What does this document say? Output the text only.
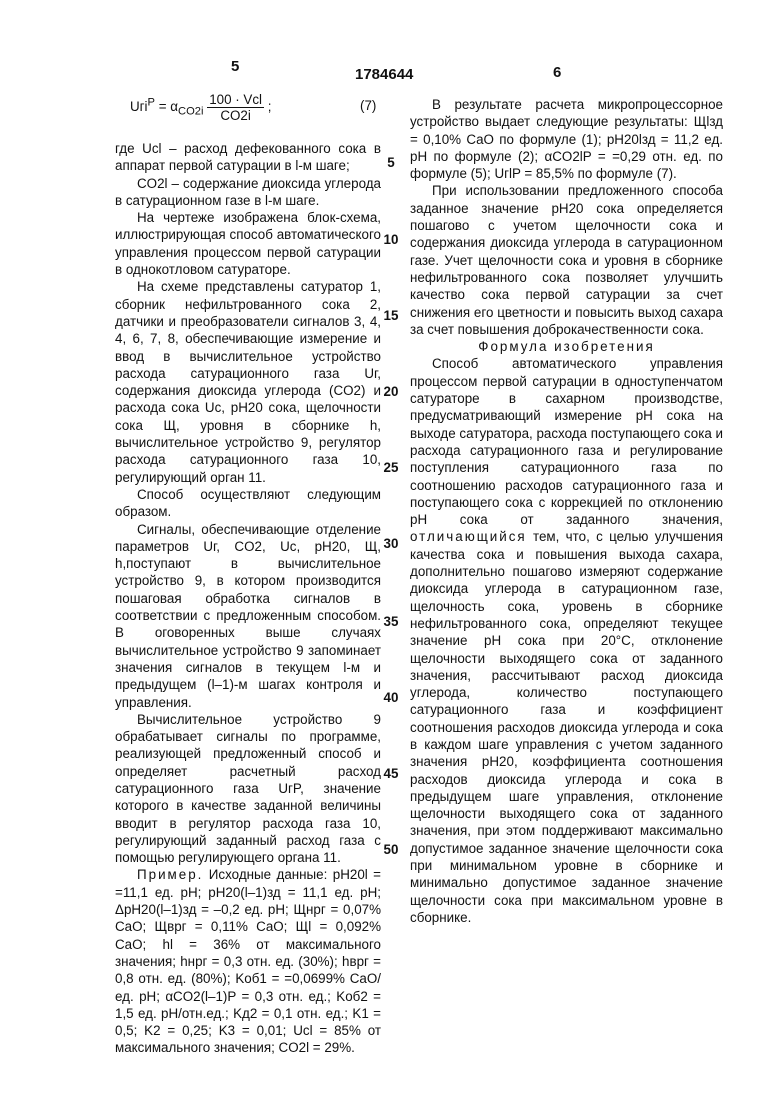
5	1784644	6
$Uгi^P = \alpha_{CO2i} \frac{\text{100 · Vсl}}{CO2i}$ ;	(7)

где Uсl – расход дефекованного сока в аппарат первой сатурации в l-м шаге;

CO2l – содержание диоксида углерода в сатурационном газе в l-м шаге.

На чертеже изображена блок-схема, иллюстрирующая способ автоматического управления процессом первой сатурации в однокотловом сатураторе.

На схеме представлены сатуратор 1, сборник нефильтрованного сока 2, датчики и преобразователи сигналов 3, 4, 4, 6, 7, 8, обеспечивающие измерение и ввод в вычислительное устройство расхода сатурационного газа Uг, содержания диоксида углерода (CO2) и расхода сока Uс, pH20 сока, щелочности сока Щ, уровня в сборнике h, вычислительное устройство 9, регулятор расхода сатурационного газа 10, регулирующий орган 11.

Способ осуществляют следующим образом.

Сигналы, обеспечивающие отделение параметров Uг, CO2, Uс, pH20, Щ, h,поступают в вычислительное устройство 9, в котором производится пошаговая обработка сигналов в соответствии с предложенным способом. В оговоренных выше случаях вычислительное устройство 9 запоминает значения сигналов в текущем l-м и предыдущем (l–1)-м шагах контроля и управления.

Вычислительное устройство 9 обрабатывает сигналы по программе, реализующей предложенный способ и определяет расчетный расход сатурационного газа UгP, значение которого в качестве заданной величины вводит в регулятор расхода газа 10, регулирующий заданный расход газа с помощью регулирующего органа 11.

Пример. Исходные данные: pH20l = =11,1 ед. pH; pH20(l–1)зд = 11,1 ед. pH; ΔpH20(l–1)зд = –0,2 ед. pH; Щнрг = 0,07% CaO; Щврг = 0,11% CaO; Щl = 0,092% CaO; hl = 36% от максимального значения; hнрг = 0,3 отн. ед. (30%); hврг = 0,8 отн. ед. (80%); Kоб1 = =0,0699% CaO/ед. pH; αCO2(l–1)P = 0,3 отн. ед.; Kоб2 = 1,5 ед. pH/отн.ед.; Kд2 = 0,1 отн. ед.; K1 = 0,5; K2 = 0,25; K3 = 0,01; Uсl = 85% от максимального значения; CO2l = 29%.

5
10
15
20
25
30
35
40
45
50

В результате расчета микропроцессорное устройство выдает следующие результаты: Щlзд = 0,10% CaO по формуле (1); pH20lзд = 11,2 ед. pH по формуле (2); αCO2lP = =0,29 отн. ед. по формуле (5); UгlP = 85,5% по формуле (7).

При использовании предложенного способа заданное значение pH20 сока определяется пошагово с учетом щелочности сока и содержания диоксида углерода в сатурационном газе. Учет щелочности сока и уровня в сборнике нефильтрованного сока позволяет улучшить качество сока первой сатурации за счет снижения его цветности и повысить выход сахара за счет повышения доброкачественности сока.

Формула изобретения

Способ автоматического управления процессом первой сатурации в одноступенчатом сатураторе в сахарном производстве, предусматривающий измерение pH сока на выходе сатуратора, расхода поступающего сока и расхода сатурационного газа и регулирование поступления сатурационного газа по соотношению расходов сатурационного газа и поступающего сока с коррекцией по отклонению pH сока от заданного значения, отличающийся тем, что, с целью улучшения качества сока и повышения выхода сахара, дополнительно пошагово измеряют содержание диоксида углерода в сатурационном газе, щелочность сока, уровень в сборнике нефильтрованного сока, определяют текущее значение pH сока при 20°C, отклонение щелочности выходящего сока от заданного значения, рассчитывают расход диоксида углерода, количество поступающего сатурационного газа и коэффициент соотношения расходов диоксида углерода и сока в каждом шаге управления с учетом заданного значения pH20, коэффициента соотношения расходов диоксида углерода и сока в предыдущем шаге управления, отклонение щелочности выходящего сока от заданного значения, при этом поддерживают максимально допустимое заданное значение щелочности сока при минимальном уровне в сборнике и минимально допустимое заданное значение щелочности сока при максимальном уровне в сборнике.
